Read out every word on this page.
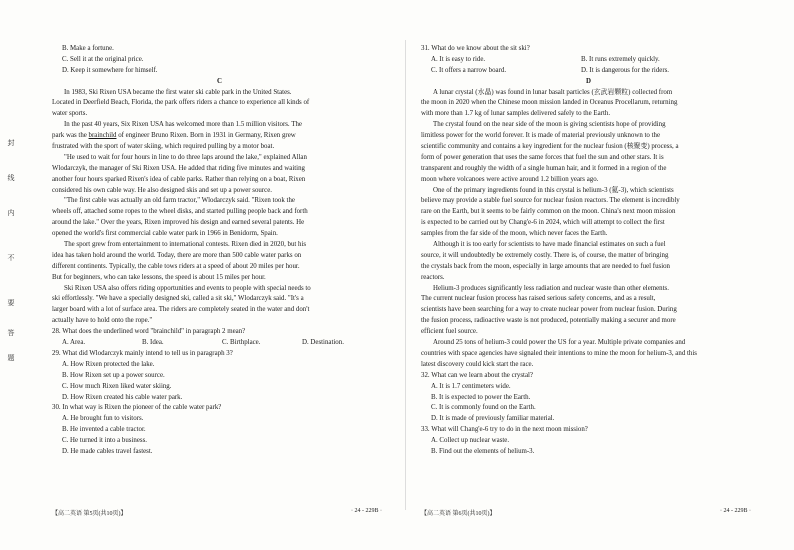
封
线
内
不
要
答
题
B. Make a fortune.
C. Sell it at the original price.
D. Keep it somewhere for himself.
C
In 1983, Ski Rixen USA became the first water ski cable park in the United States.
Located in Deerfield Beach, Florida, the park offers riders a chance to experience all kinds of
water sports.
In the past 40 years, Six Rixen USA has welcomed more than 1.5 million visitors. The
park was the brainchild of engineer Bruno Rixen. Born in 1931 in Germany, Rixen grew
frustrated with the sport of water skiing, which required pulling by a motor boat.
"He used to wait for four hours in line to do three laps around the lake," explained Allan
Wlodarczyk, the manager of Ski Rixen USA. He added that riding five minutes and waiting
another four hours sparked Rixen's idea of cable parks. Rather than relying on a boat, Rixen
considered his own cable way. He also designed skis and set up a power source.
"The first cable was actually an old farm tractor," Wlodarczyk said. "Rixen took the
wheels off, attached some ropes to the wheel disks, and started pulling people back and forth
around the lake." Over the years, Rixen improved his design and earned several patents. He
opened the world's first commercial cable water park in 1966 in Benidorm, Spain.
The sport grew from entertainment to international contests. Rixen died in 2020, but his
idea has taken hold around the world. Today, there are more than 500 cable water parks on
different continents. Typically, the cable tows riders at a speed of about 20 miles per hour.
But for beginners, who can take lessons, the speed is about 15 miles per hour.
Ski Rixen USA also offers riding opportunities and events to people with special needs to
ski effortlessly. "We have a specially designed ski, called a sit ski," Wlodarczyk said. "It's a
larger board with a lot of surface area. The riders are completely seated in the water and don't
actually have to hold onto the rope."
28. What does the underlined word "brainchild" in paragraph 2 mean?
A. Area.	B. Idea.	C. Birthplace.	D. Destination.
29. What did Wlodarczyk mainly intend to tell us in paragraph 3?
A. How Rixen protected the lake.
B. How Rixen set up a power source.
C. How much Rixen liked water skiing.
D. How Rixen created his cable water park.
30. In what way is Rixen the pioneer of the cable water park?
A. He brought fun to visitors.
B. He invented a cable tractor.
C. He turned it into a business.
D. He made cables travel fastest.
31. What do we know about the sit ski?
A. It is easy to ride.	B. It runs extremely quickly.
C. It offers a narrow board.	D. It is dangerous for the riders.
D
A lunar crystal (水晶) was found in lunar basalt particles (玄武岩颗粒) collected from
the moon in 2020 when the Chinese moon mission landed in Oceanus Procellarum, returning
with more than 1.7 kg of lunar samples delivered safely to the Earth.
The crystal found on the near side of the moon is giving scientists hope of providing
limitless power for the world forever. It is made of material previously unknown to the
scientific community and contains a key ingredient for the nuclear fusion (核聚变) process, a
form of power generation that uses the same forces that fuel the sun and other stars. It is
transparent and roughly the width of a single human hair, and it formed in a region of the
moon where volcanoes were active around 1.2 billion years ago.
One of the primary ingredients found in this crystal is helium-3 (氦-3), which scientists
believe may provide a stable fuel source for nuclear fusion reactors. The element is incredibly
rare on the Earth, but it seems to be fairly common on the moon. China's next moon mission
is expected to be carried out by Chang'e-6 in 2024, which will attempt to collect the first
samples from the far side of the moon, which never faces the Earth.
Although it is too early for scientists to have made financial estimates on such a fuel
source, it will undoubtedly be extremely costly. There is, of course, the matter of bringing
the crystals back from the moon, especially in large amounts that are needed to fuel fusion
reactors.
Helium-3 produces significantly less radiation and nuclear waste than other elements.
The current nuclear fusion process has raised serious safety concerns, and as a result,
scientists have been searching for a way to create nuclear power from nuclear fusion. During
the fusion process, radioactive waste is not produced, potentially making a securer and more
efficient fuel source.
Around 25 tons of helium-3 could power the US for a year. Multiple private companies and
countries with space agencies have signaled their intentions to mine the moon for helium-3, and this
latest discovery could kick start the race.
32. What can we learn about the crystal?
A. It is 1.7 centimeters wide.
B. It is expected to power the Earth.
C. It is commonly found on the Earth.
D. It is made of previously familiar material.
33. What will Chang'e-6 try to do in the next moon mission?
A. Collect up nuclear waste.
B. Find out the elements of helium-3.
【高二英语 第5页(共10页)】	· 24 - 229B ·	【高二英语 第6页(共10页)】	· 24 - 229B ·
